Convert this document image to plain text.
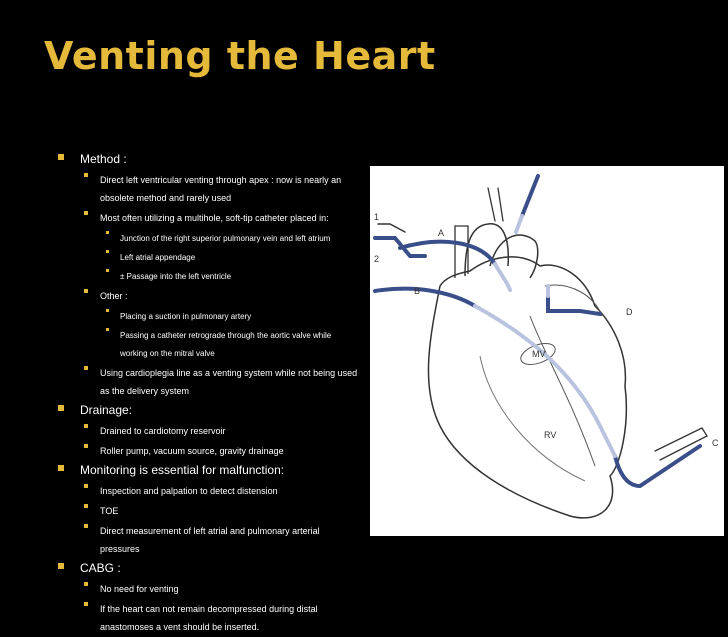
Venting the Heart
Method :
Direct left ventricular venting through apex : now is nearly an obsolete method and rarely used
Most often utilizing a multihole, soft-tip catheter placed in:
Junction of the right superior pulmonary vein and left atrium
Left atrial appendage
± Passage into the left ventricle
Other :
Placing a suction in pulmonary artery
Passing a catheter retrograde through the aortic valve while working on the mitral valve
Using cardioplegia line as a venting system while not being used as the delivery system
Drainage:
Drained to cardiotomy reservoir
Roller pump, vacuum source, gravity drainage
Monitoring is essential for malfunction:
Inspection and palpation to detect distension
TOE
Direct measurement of left atrial and pulmonary arterial pressures
CABG :
No need for venting
If the heart can not remain decompressed during distal anastomoses a vent should be inserted.
1
2
A
B
C
D
MV
RV
